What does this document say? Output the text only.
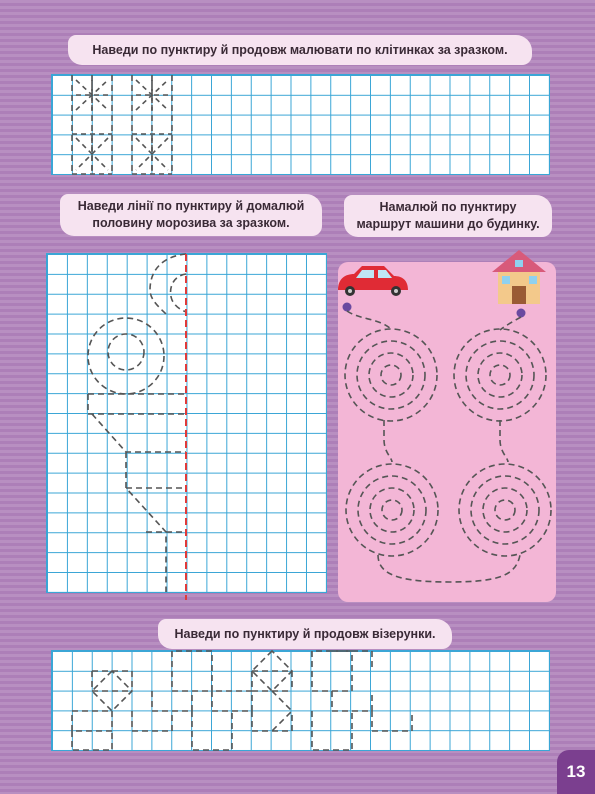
Наведи по пунктиру й продовж малювати по клітинках за зразком.
Наведи лінії по пунктиру й домалюй
половину морозива за зразком.
Намалюй по пунктиру
маршрут машини до будинку.
Наведи по пунктиру й продовж візерунки.
13
